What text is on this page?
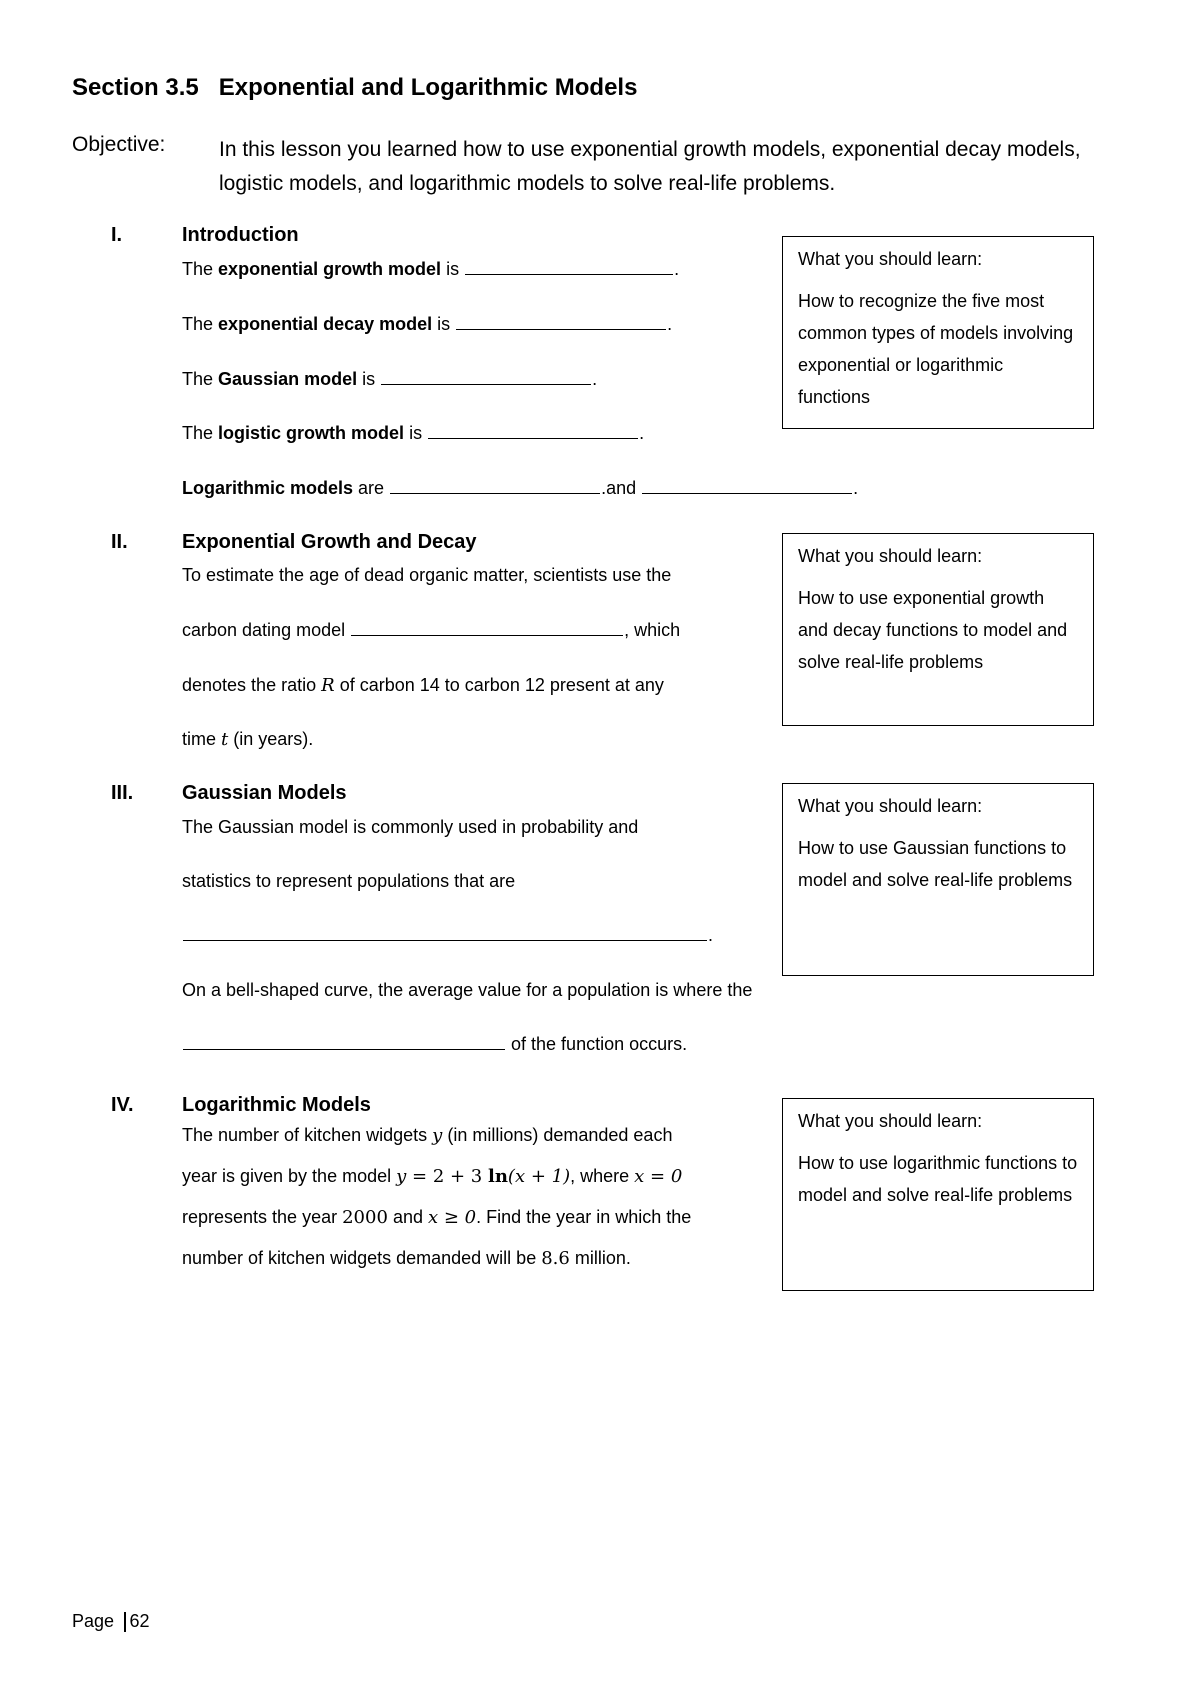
Section 3.5 Exponential and Logarithmic Models
Objective:	In this lesson you learned how to use exponential growth models, exponential decay models, logistic models, and logarithmic models to solve real-life problems.
I.	Introduction
The exponential growth model is	.
The exponential decay model is	.
The Gaussian model is	.
The logistic growth model is	.
Logarithmic models are	.and	.
II.	Exponential Growth and Decay
To estimate the age of dead organic matter, scientists use the
carbon dating model	, which
denotes the ratio R of carbon 14 to carbon 12 present at any
time t (in years).
III. Gaussian Models
The Gaussian model is commonly used in probability and
statistics to represent populations that are
.
On a bell-shaped curve, the average value for a population is where the
of the function occurs.
IV. Logarithmic Models
The number of kitchen widgets y (in millions) demanded each
year is given by the model y = 2 + 3 ln(x + 1), where x = 0
represents the year 2000 and x ≥ 0. Find the year in which the
number of kitchen widgets demanded will be 8.6 million.
What you should learn:
How to recognize the five most common types of models involving exponential or logarithmic functions
What you should learn:
How to use exponential growth and decay functions to model and solve real-life problems
What you should learn:
How to use Gaussian functions to model and solve real-life problems
What you should learn:
How to use logarithmic functions to model and solve real-life problems
Page 62
